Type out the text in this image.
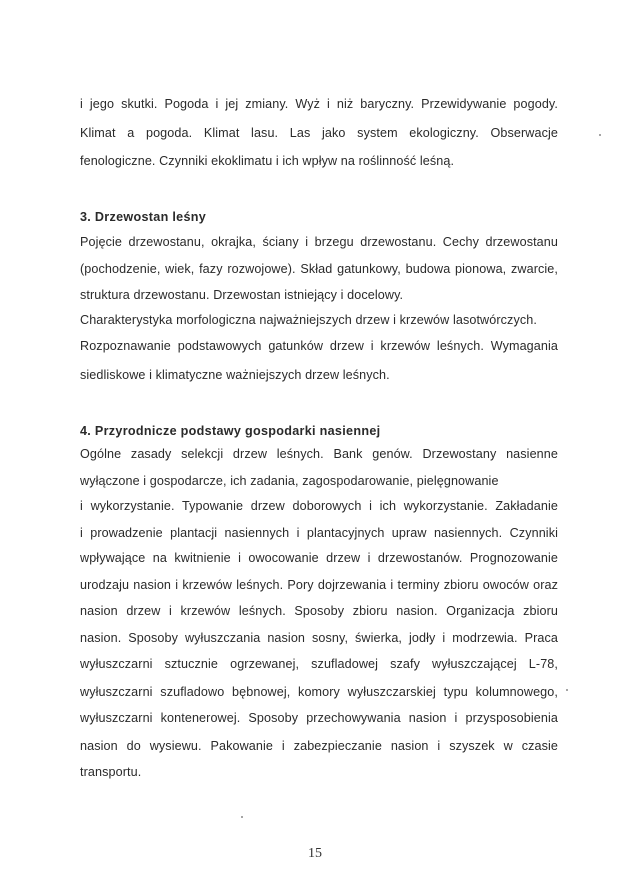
i jego skutki. Pogoda i jej zmiany. Wyż i niż baryczny. Przewidywanie pogody.
Klimat a pogoda. Klimat lasu. Las jako system ekologiczny. Obserwacje
fenologiczne. Czynniki ekoklimatu i ich wpływ na roślinność leśną.
3. Drzewostan leśny
Pojęcie drzewostanu, okrajka, ściany i brzegu drzewostanu. Cechy drzewostanu
(pochodzenie, wiek, fazy rozwojowe). Skład gatunkowy, budowa pionowa, zwarcie,
struktura drzewostanu. Drzewostan istniejący i docelowy.
Charakterystyka morfologiczna najważniejszych drzew i krzewów lasotwórczych.
Rozpoznawanie podstawowych gatunków drzew i krzewów leśnych. Wymagania
siedliskowe i klimatyczne ważniejszych drzew leśnych.
4. Przyrodnicze podstawy gospodarki nasiennej
Ogólne zasady selekcji drzew leśnych. Bank genów. Drzewostany nasienne
wyłączone i gospodarcze, ich zadania, zagospodarowanie, pielęgnowanie
i wykorzystanie. Typowanie drzew doborowych i ich wykorzystanie. Zakładanie
i prowadzenie plantacji nasiennych i plantacyjnych upraw nasiennych. Czynniki
wpływające na kwitnienie i owocowanie drzew i drzewostanów. Prognozowanie
urodzaju nasion i krzewów leśnych. Pory dojrzewania i terminy zbioru owoców oraz
nasion drzew i krzewów leśnych. Sposoby zbioru nasion. Organizacja zbioru
nasion. Sposoby wyłuszczania nasion sosny, świerka, jodły i modrzewia. Praca
wyłuszczarni sztucznie ogrzewanej, szufladowej szafy wyłuszczającej L-78,
wyłuszczarni szufladowo bębnowej, komory wyłuszczarskiej typu kolumnowego,
wyłuszczarni kontenerowej. Sposoby przechowywania nasion i przysposobienia
nasion do wysiewu. Pakowanie i zabezpieczanie nasion i szyszek w czasie
transportu.
15
